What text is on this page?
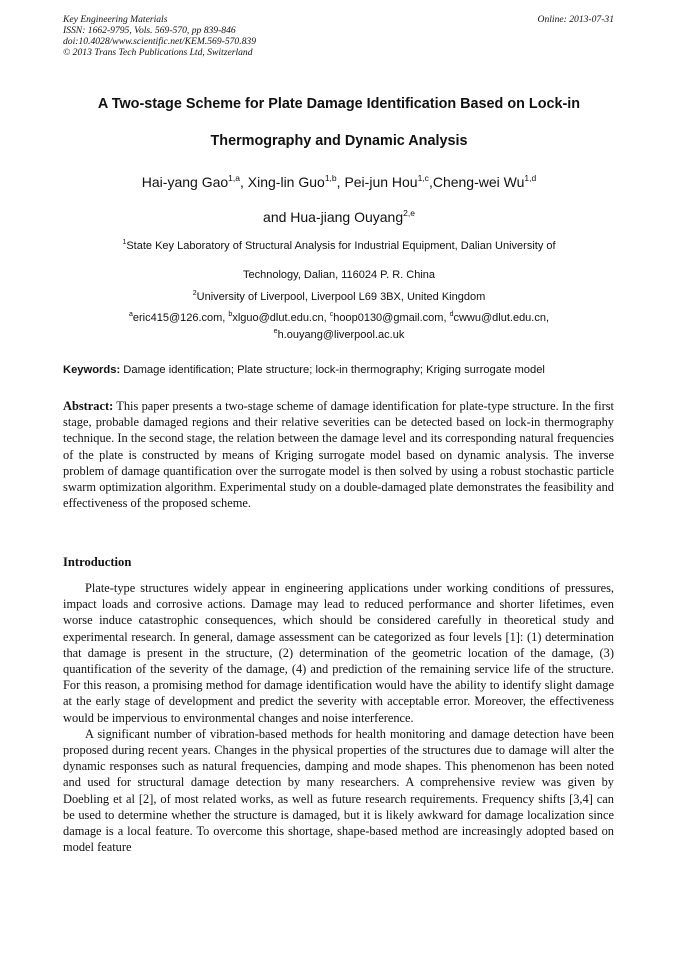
Key Engineering Materials	Online: 2013-07-31
ISSN: 1662-9795, Vols. 569-570, pp 839-846
doi:10.4028/www.scientific.net/KEM.569-570.839
© 2013 Trans Tech Publications Ltd, Switzerland
A Two-stage Scheme for Plate Damage Identification Based on Lock-in
Thermography and Dynamic Analysis
Hai-yang Gao$^{1,a}$, Xing-lin Guo$^{1,b}$, Pei-jun Hou$^{1,c}$,Cheng-wei Wu$^{1,d}$
and Hua-jiang Ouyang$^{2,e}$
$^1$State Key Laboratory of Structural Analysis for Industrial Equipment, Dalian University of
Technology, Dalian, 116024 P. R. China
$^2$University of Liverpool, Liverpool L69 3BX, United Kingdom
$^a$eric415@126.com, $^b$xlguo@dlut.edu.cn, $^c$hoop0130@gmail.com, $^d$cwwu@dlut.edu.cn,
$^e$h.ouyang@liverpool.ac.uk
Keywords: Damage identification; Plate structure; lock-in thermography; Kriging surrogate model
Abstract: This paper presents a two-stage scheme of damage identification for plate-type structure. In the first stage, probable damaged regions and their relative severities can be detected based on lock-in thermography technique. In the second stage, the relation between the damage level and its corresponding natural frequencies of the plate is constructed by means of Kriging surrogate model based on dynamic analysis. The inverse problem of damage quantification over the surrogate model is then solved by using a robust stochastic particle swarm optimization algorithm. Experimental study on a double-damaged plate demonstrates the feasibility and effectiveness of the proposed scheme.
Introduction

Plate-type structures widely appear in engineering applications under working conditions of pressures, impact loads and corrosive actions. Damage may lead to reduced performance and shorter lifetimes, even worse induce catastrophic consequences, which should be considered carefully in theoretical study and experimental research. In general, damage assessment can be categorized as four levels [1]: (1) determination that damage is present in the structure, (2) determination of the geometric location of the damage, (3) quantification of the severity of the damage, (4) and prediction of the remaining service life of the structure. For this reason, a promising method for damage identification would have the ability to identify slight damage at the early stage of development and predict the severity with acceptable error. Moreover, the effectiveness would be impervious to environmental changes and noise interference.

A significant number of vibration-based methods for health monitoring and damage detection have been proposed during recent years. Changes in the physical properties of the structures due to damage will alter the dynamic responses such as natural frequencies, damping and mode shapes. This phenomenon has been noted and used for structural damage detection by many researchers. A comprehensive review was given by Doebling et al [2], of most related works, as well as future research requirements. Frequency shifts [3,4] can be used to determine whether the structure is damaged, but it is likely awkward for damage localization since damage is a local feature. To overcome this shortage, shape-based method are increasingly adopted based on model feature
